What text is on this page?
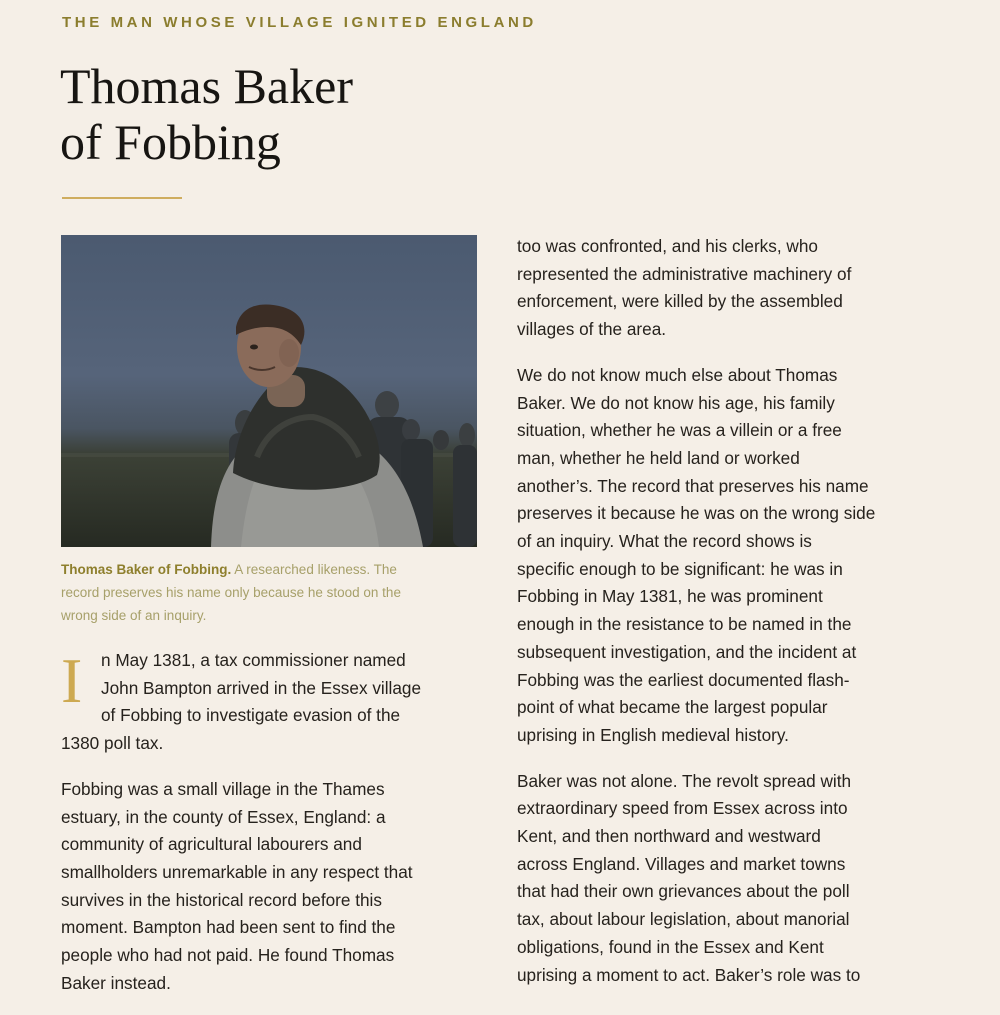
THE MAN WHOSE VILLAGE IGNITED ENGLAND
Thomas Baker
of Fobbing
Thomas Baker of Fobbing. A researched likeness. The
record preserves his name only because he stood on the
wrong side of an inquiry.

I	n May 1381, a tax commissioner named
John Bampton arrived in the Essex village
of Fobbing to investigate evasion of the
1380 poll tax.

Fobbing was a small village in the Thames
estuary, in the county of Essex, England: a
community of agricultural labourers and
smallholders unremarkable in any respect that
survives in the historical record before this
moment. Bampton had been sent to find the
people who had not paid. He found Thomas
Baker instead.

too was confronted, and his clerks, who
represented the administrative machinery of
enforcement, were killed by the assembled
villages of the area.

We do not know much else about Thomas
Baker. We do not know his age, his family
situation, whether he was a villein or a free
man, whether he held land or worked
another’s. The record that preserves his name
preserves it because he was on the wrong side
of an inquiry. What the record shows is
specific enough to be significant: he was in
Fobbing in May 1381, he was prominent
enough in the resistance to be named in the
subsequent investigation, and the incident at
Fobbing was the earliest documented flash-
point of what became the largest popular
uprising in English medieval history.

Baker was not alone. The revolt spread with
extraordinary speed from Essex across into
Kent, and then northward and westward
across England. Villages and market towns
that had their own grievances about the poll
tax, about labour legislation, about manorial
obligations, found in the Essex and Kent
uprising a moment to act. Baker’s role was to
